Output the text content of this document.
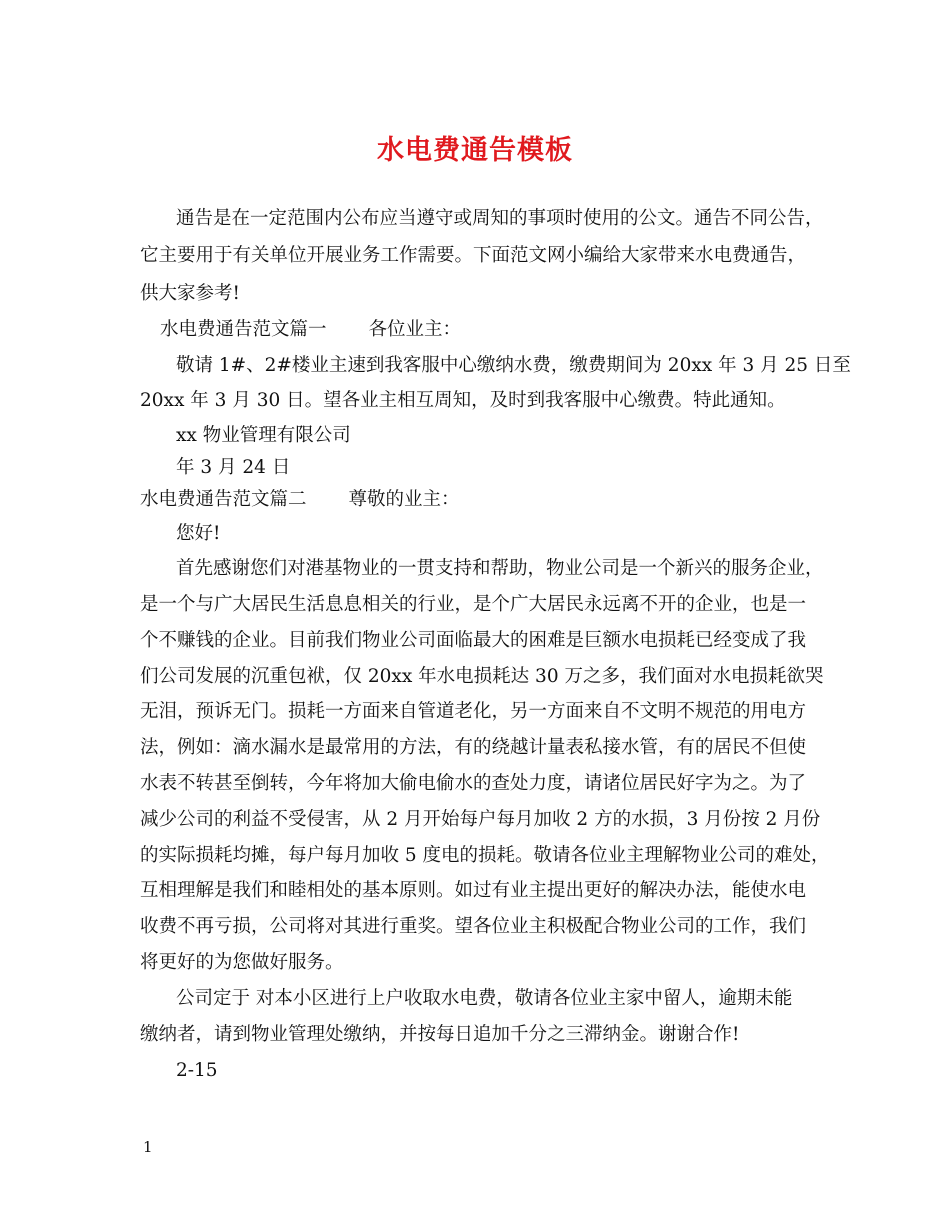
水电费通告模板
通告是在一定范围内公布应当遵守或周知的事项时使用的公文。通告不同公告，
它主要用于有关单位开展业务工作需要。下面范文网小编给大家带来水电费通告，
供大家参考!
水电费通告范文篇一 各位业主：
敬请 1#、2#楼业主速到我客服中心缴纳水费，缴费期间为 20xx 年 3 月 25 日至
20xx 年 3 月 30 日。望各业主相互周知，及时到我客服中心缴费。特此通知。
xx 物业管理有限公司
年 3 月 24 日
水电费通告范文篇二 尊敬的业主：
您好!
首先感谢您们对港基物业的一贯支持和帮助，物业公司是一个新兴的服务企业，
是一个与广大居民生活息息相关的行业，是个广大居民永远离不开的企业，也是一
个不赚钱的企业。目前我们物业公司面临最大的困难是巨额水电损耗已经变成了我
们公司发展的沉重包袱，仅 20xx 年水电损耗达 30 万之多，我们面对水电损耗欲哭
无泪，预诉无门。损耗一方面来自管道老化，另一方面来自不文明不规范的用电方
法，例如：滴水漏水是最常用的方法，有的绕越计量表私接水管，有的居民不但使
水表不转甚至倒转，今年将加大偷电偷水的查处力度，请诸位居民好字为之。为了
减少公司的利益不受侵害，从 2 月开始每户每月加收 2 方的水损，3 月份按 2 月份
的实际损耗均摊，每户每月加收 5 度电的损耗。敬请各位业主理解物业公司的难处，
互相理解是我们和睦相处的基本原则。如过有业主提出更好的解决办法，能使水电
收费不再亏损，公司将对其进行重奖。望各位业主积极配合物业公司的工作，我们
将更好的为您做好服务。
公司定于 对本小区进行上户收取水电费，敬请各位业主家中留人，逾期未能
缴纳者，请到物业管理处缴纳，并按每日追加千分之三滞纳金。谢谢合作!
2-15
1
